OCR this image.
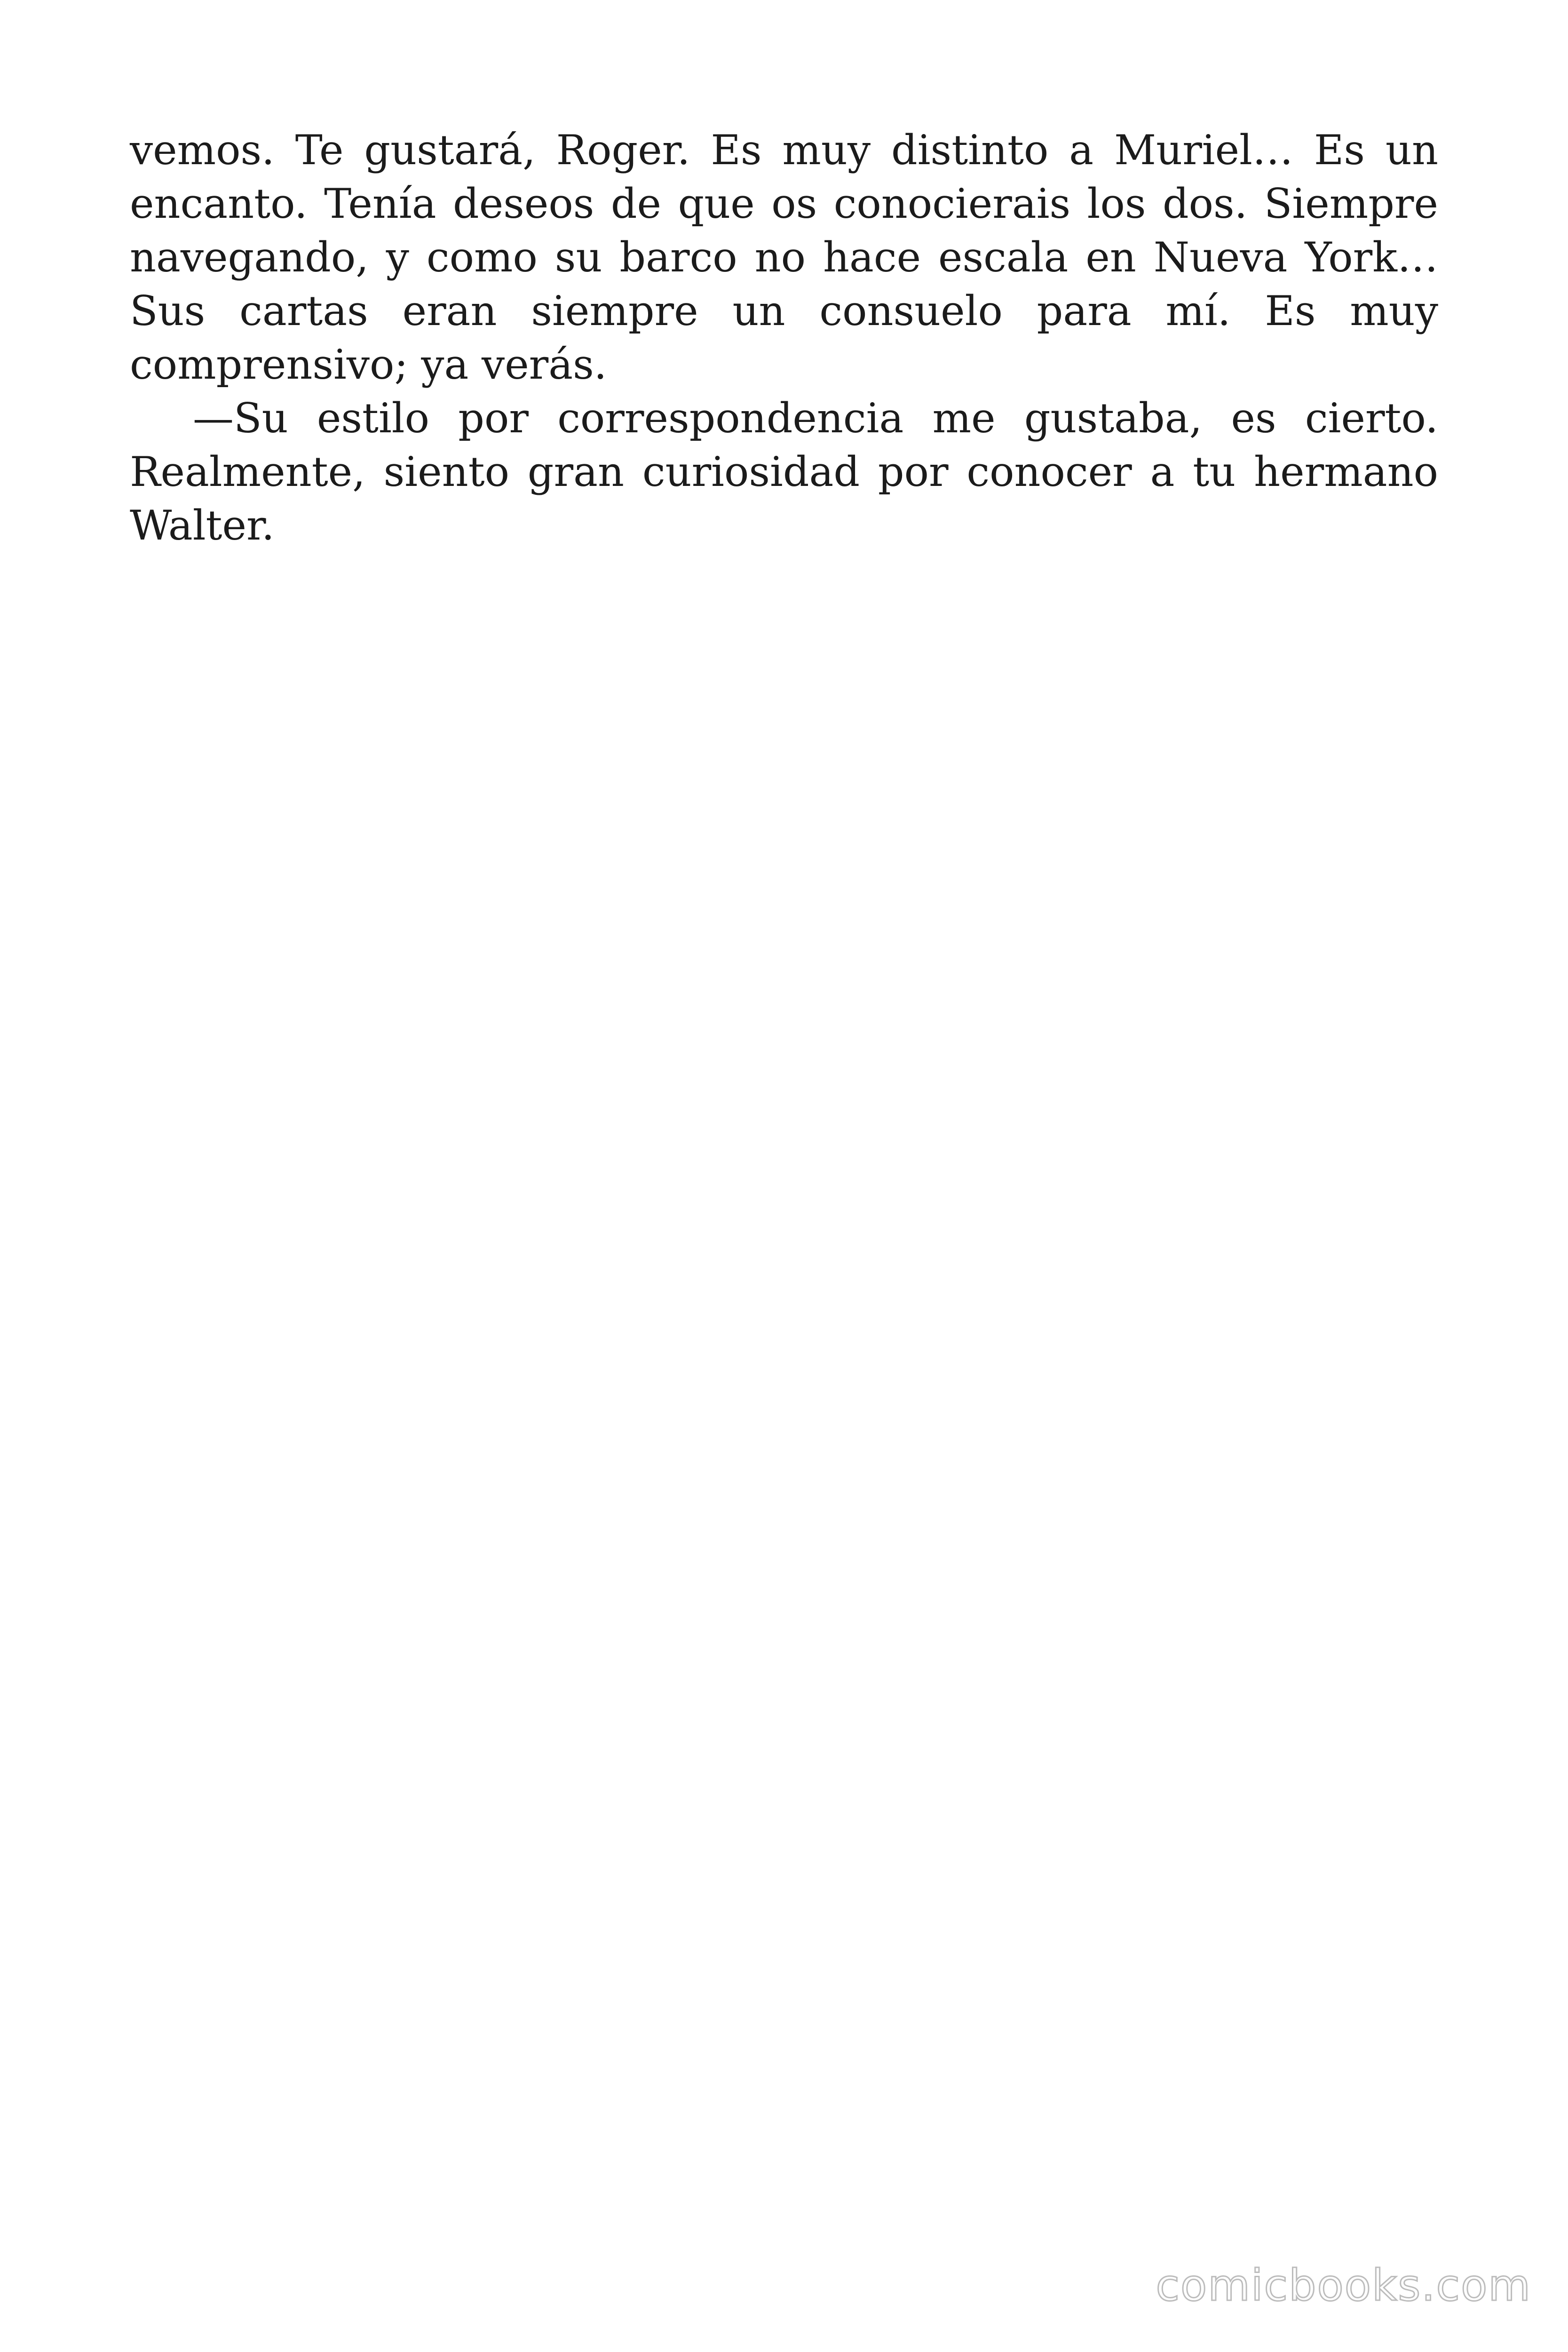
vemos. Te gustará, Roger. Es muy distinto a Muriel… Es un encanto. Tenía deseos de que os conocierais los dos. Siempre navegando, y como su barco no hace escala en Nueva York… Sus cartas eran siempre un consuelo para mí. Es muy comprensivo; ya verás.

—Su estilo por correspondencia me gustaba, es cierto. Realmente, siento gran curiosidad por conocer a tu hermano Walter.

comicbooks.com
